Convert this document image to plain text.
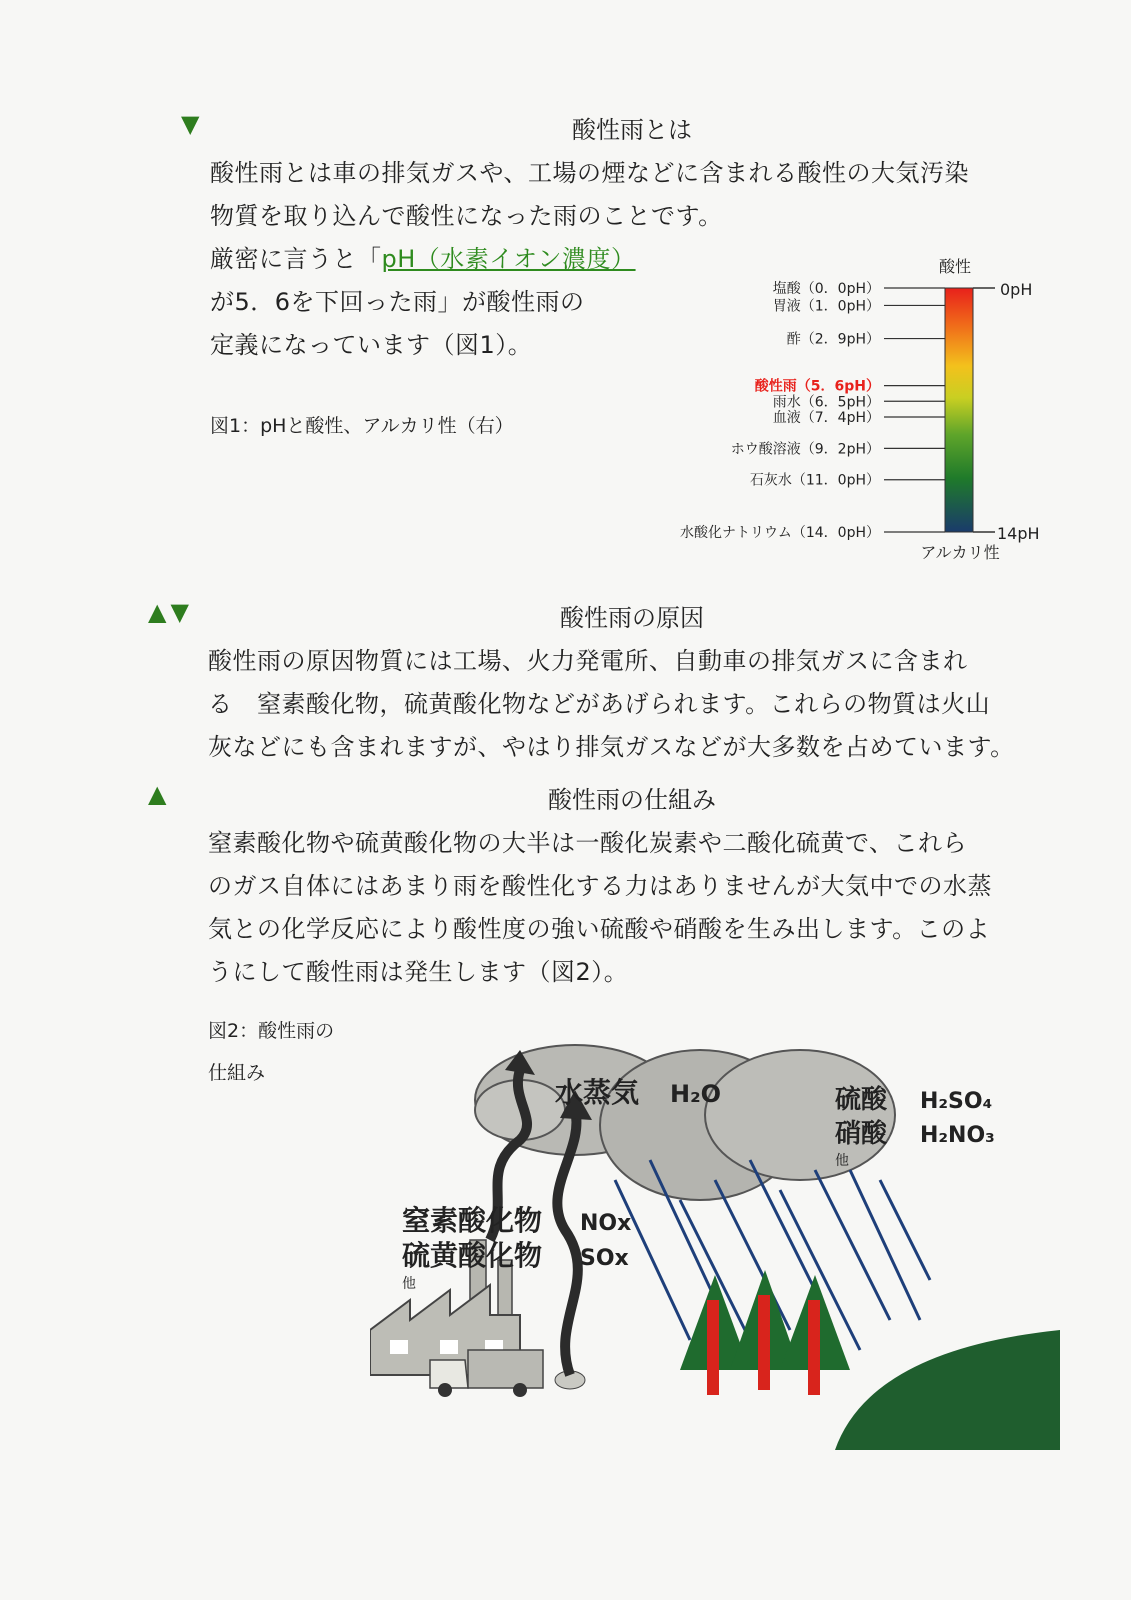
▼	酸性雨とは
酸性雨とは車の排気ガスや、工場の煙などに含まれる酸性の大気汚染
物質を取り込んで酸性になった雨のことです。
厳密に言うと「pH（水素イオン濃度）
が5．6を下回った雨」が酸性雨の
定義になっています（図1）。
図1：pHと酸性、アルカリ性（右）
酸性
0pH
14pH
アルカリ性
塩酸（0．0pH）
胃液（1．0pH）
酢（2．9pH）
酸性雨（5．6pH）
雨水（6．5pH）
血液（7．4pH）
ホウ酸溶液（9．2pH）
石灰水（11．0pH）
水酸化ナトリウム（14．0pH）
▲▼	酸性雨の原因
酸性雨の原因物質には工場、火力発電所、自動車の排気ガスに含まれ
る　窒素酸化物，硫黄酸化物などがあげられます。これらの物質は火山
灰などにも含まれますが、やはり排気ガスなどが大多数を占めています。
▲	酸性雨の仕組み
窒素酸化物や硫黄酸化物の大半は一酸化炭素や二酸化硫黄で、これら
のガス自体にはあまり雨を酸性化する力はありませんが大気中での水蒸
気との化学反応により酸性度の強い硫酸や硝酸を生み出します。このよ
うにして酸性雨は発生します（図2）。
図2：酸性雨の
仕組み
水蒸気 H₂O	硫酸 H₂SO₄
硝酸 H₂NO₃
他
窒素酸化物 NOx
硫黄酸化物 SOx
他
